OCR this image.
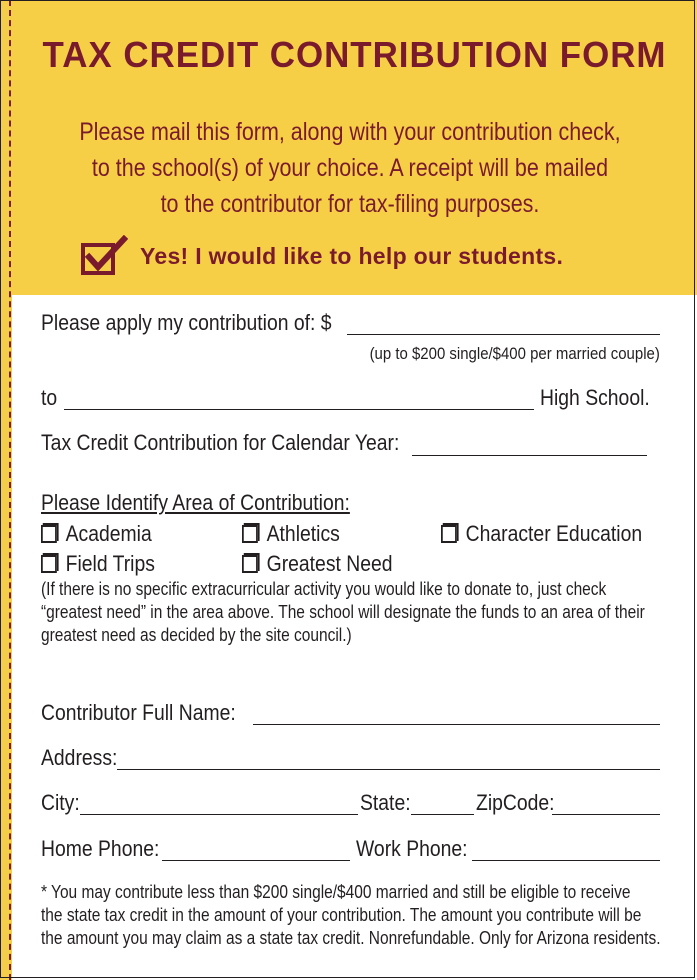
TAX CREDIT CONTRIBUTION FORM
Please mail this form, along with your contribution check,
to the school(s) of your choice. A receipt will be mailed
to the contributor for tax-filing purposes.
Yes! I would like to help our students.
Please apply my contribution of: $
(up to $200 single/$400 per married couple)
to	High School.
Tax Credit Contribution for Calendar Year:
Please Identify Area of Contribution:
Academia	Athletics	Character Education
Field Trips	Greatest Need
(If there is no specific extracurricular activity you would like to donate to, just check
“greatest need” in the area above. The school will designate the funds to an area of their
greatest need as decided by the site council.)
Contributor Full Name:
Address:
City:	State:	ZipCode:
Home Phone:	Work Phone:
* You may contribute less than $200 single/$400 married and still be eligible to receive
the state tax credit in the amount of your contribution. The amount you contribute will be
the amount you may claim as a state tax credit. Nonrefundable. Only for Arizona residents.
